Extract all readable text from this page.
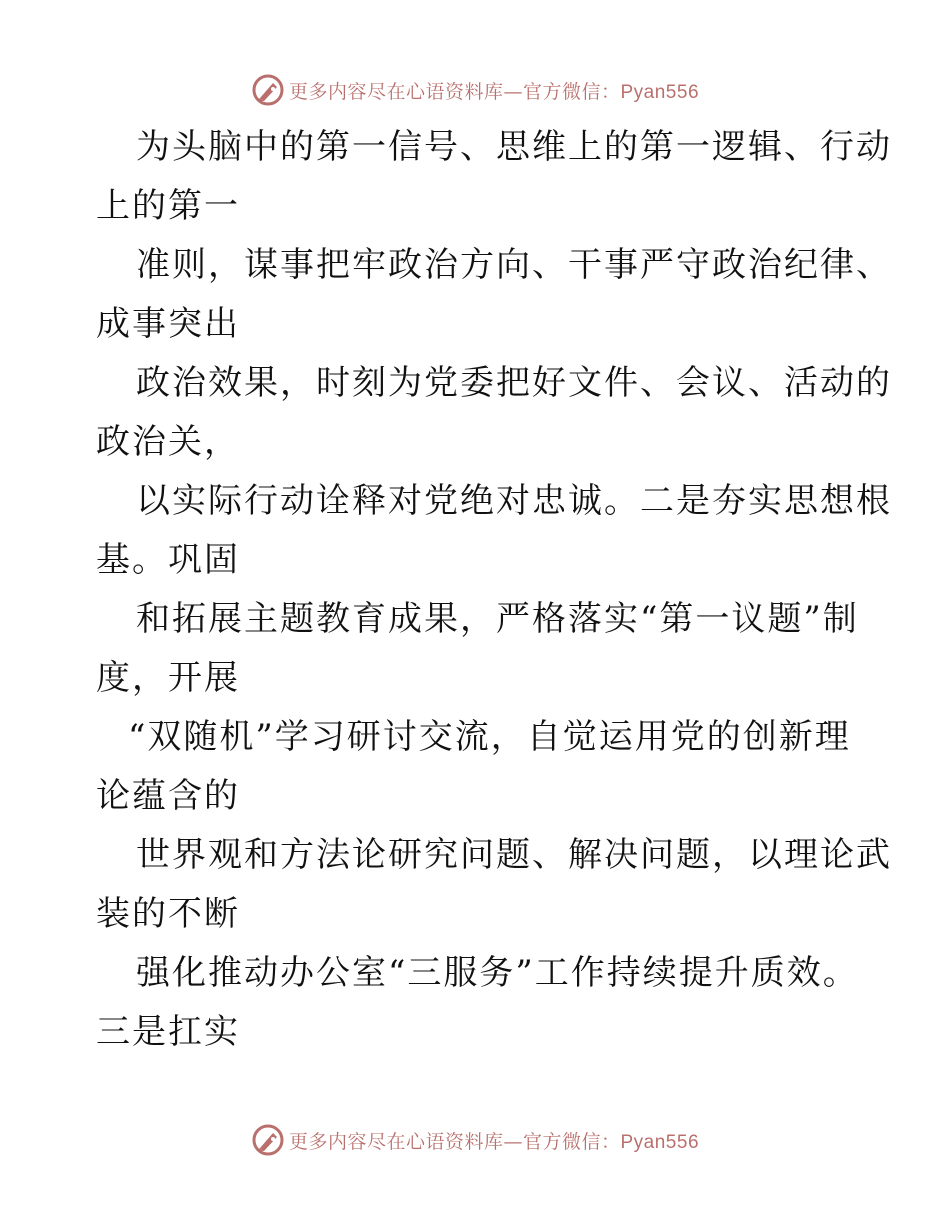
更多内容尽在心语资料库—官方微信：Pyan556
为头脑中的第一信号、思维上的第一逻辑、行动
上的第一
准则，谋事把牢政治方向、干事严守政治纪律、
成事突出
政治效果，时刻为党委把好文件、会议、活动的
政治关，
以实际行动诠释对党绝对忠诚。二是夯实思想根
基。巩固
和拓展主题教育成果，严格落实“第一议题”制
度，开展
“双随机”学习研讨交流，自觉运用党的创新理
论蕴含的
世界观和方法论研究问题、解决问题，以理论武
装的不断
强化推动办公室“三服务”工作持续提升质效。
三是扛实
更多内容尽在心语资料库—官方微信：Pyan556
